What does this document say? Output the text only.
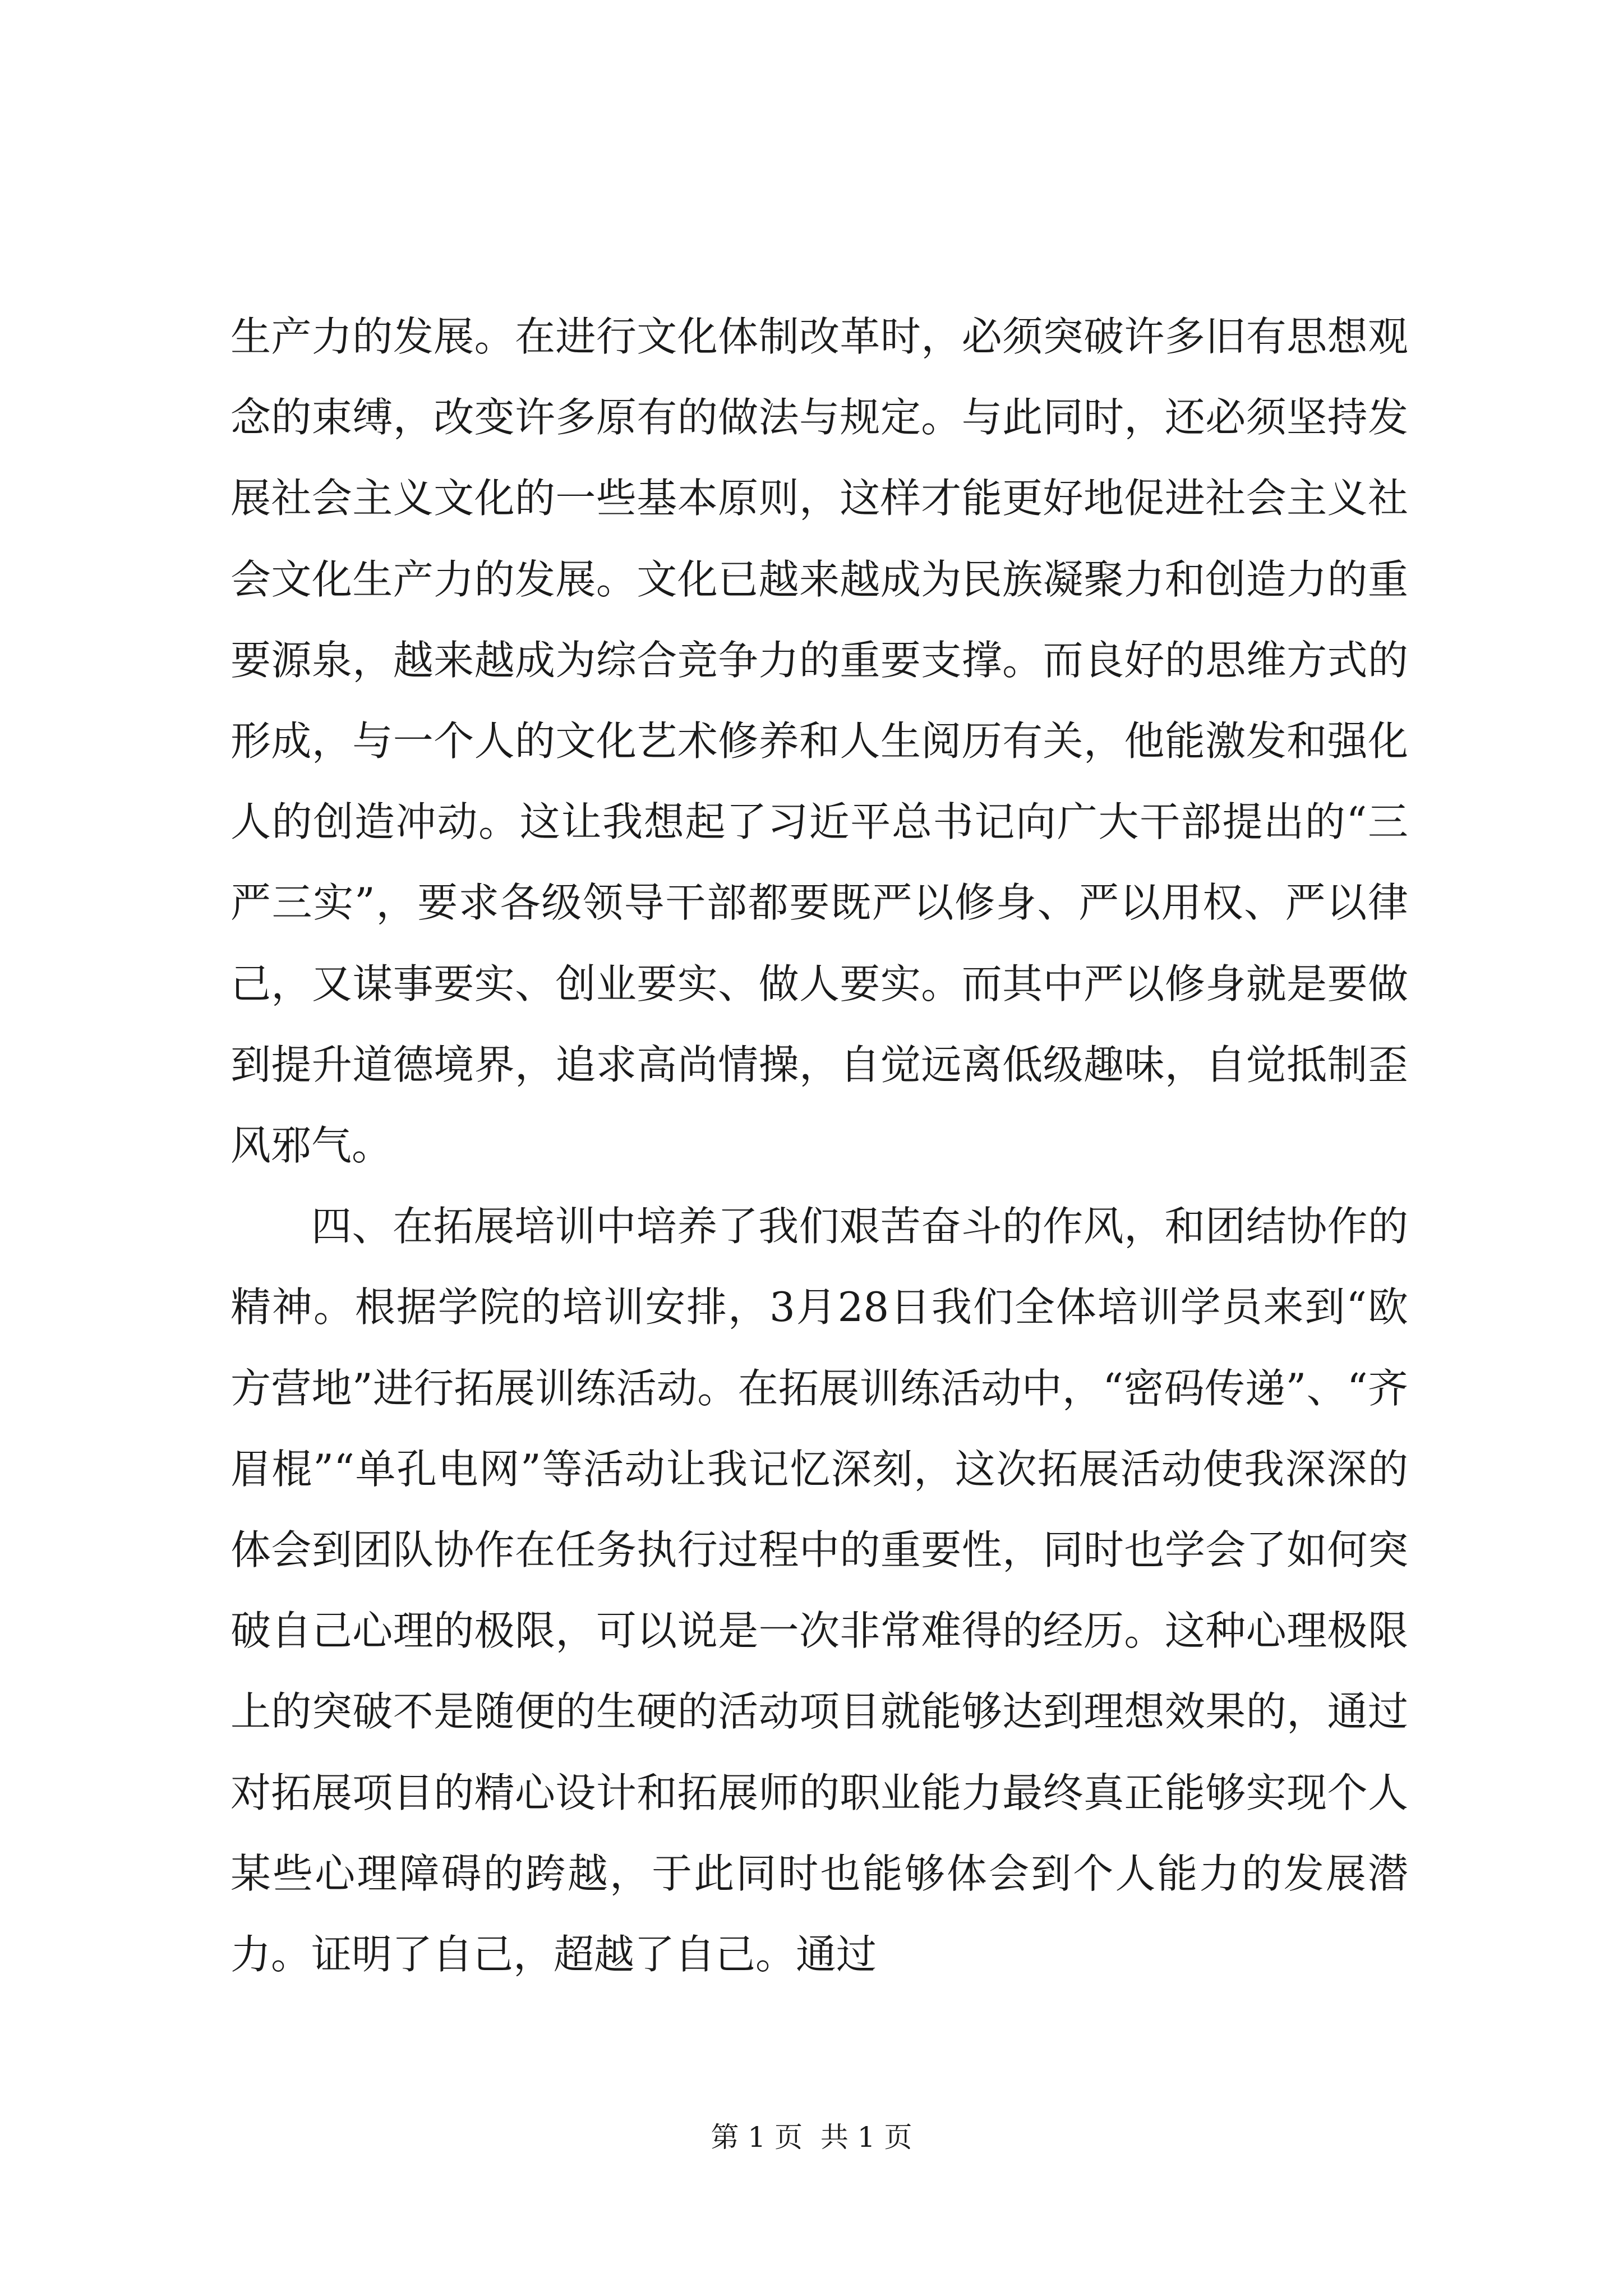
生产力的发展。在进行文化体制改革时，必须突破许多旧有思想观念的束缚，改变许多原有的做法与规定。与此同时，还必须坚持发展社会主义文化的一些基本原则，这样才能更好地促进社会主义社会文化生产力的发展。文化已越来越成为民族凝聚力和创造力的重要源泉，越来越成为综合竞争力的重要支撑。而良好的思维方式的形成，与一个人的文化艺术修养和人生阅历有关，他能激发和强化人的创造冲动。这让我想起了习近平总书记向广大干部提出的“三严三实”，要求各级领导干部都要既严以修身、严以用权、严以律己，又谋事要实、创业要实、做人要实。而其中严以修身就是要做到提升道德境界，追求高尚情操，自觉远离低级趣味，自觉抵制歪风邪气。

四、在拓展培训中培养了我们艰苦奋斗的作风，和团结协作的精神。根据学院的培训安排，3月28日我们全体培训学员来到“欧方营地”进行拓展训练活动。在拓展训练活动中，“密码传递”、“齐眉棍”“单孔电网”等活动让我记忆深刻，这次拓展活动使我深深的体会到团队协作在任务执行过程中的重要性，同时也学会了如何突破自己心理的极限，可以说是一次非常难得的经历。这种心理极限上的突破不是随便的生硬的活动项目就能够达到理想效果的，通过对拓展项目的精心设计和拓展师的职业能力最终真正能够实现个人某些心理障碍的跨越，于此同时也能够体会到个人能力的发展潜力。证明了自己，超越了自己。通过

第 1 页  共 1 页
